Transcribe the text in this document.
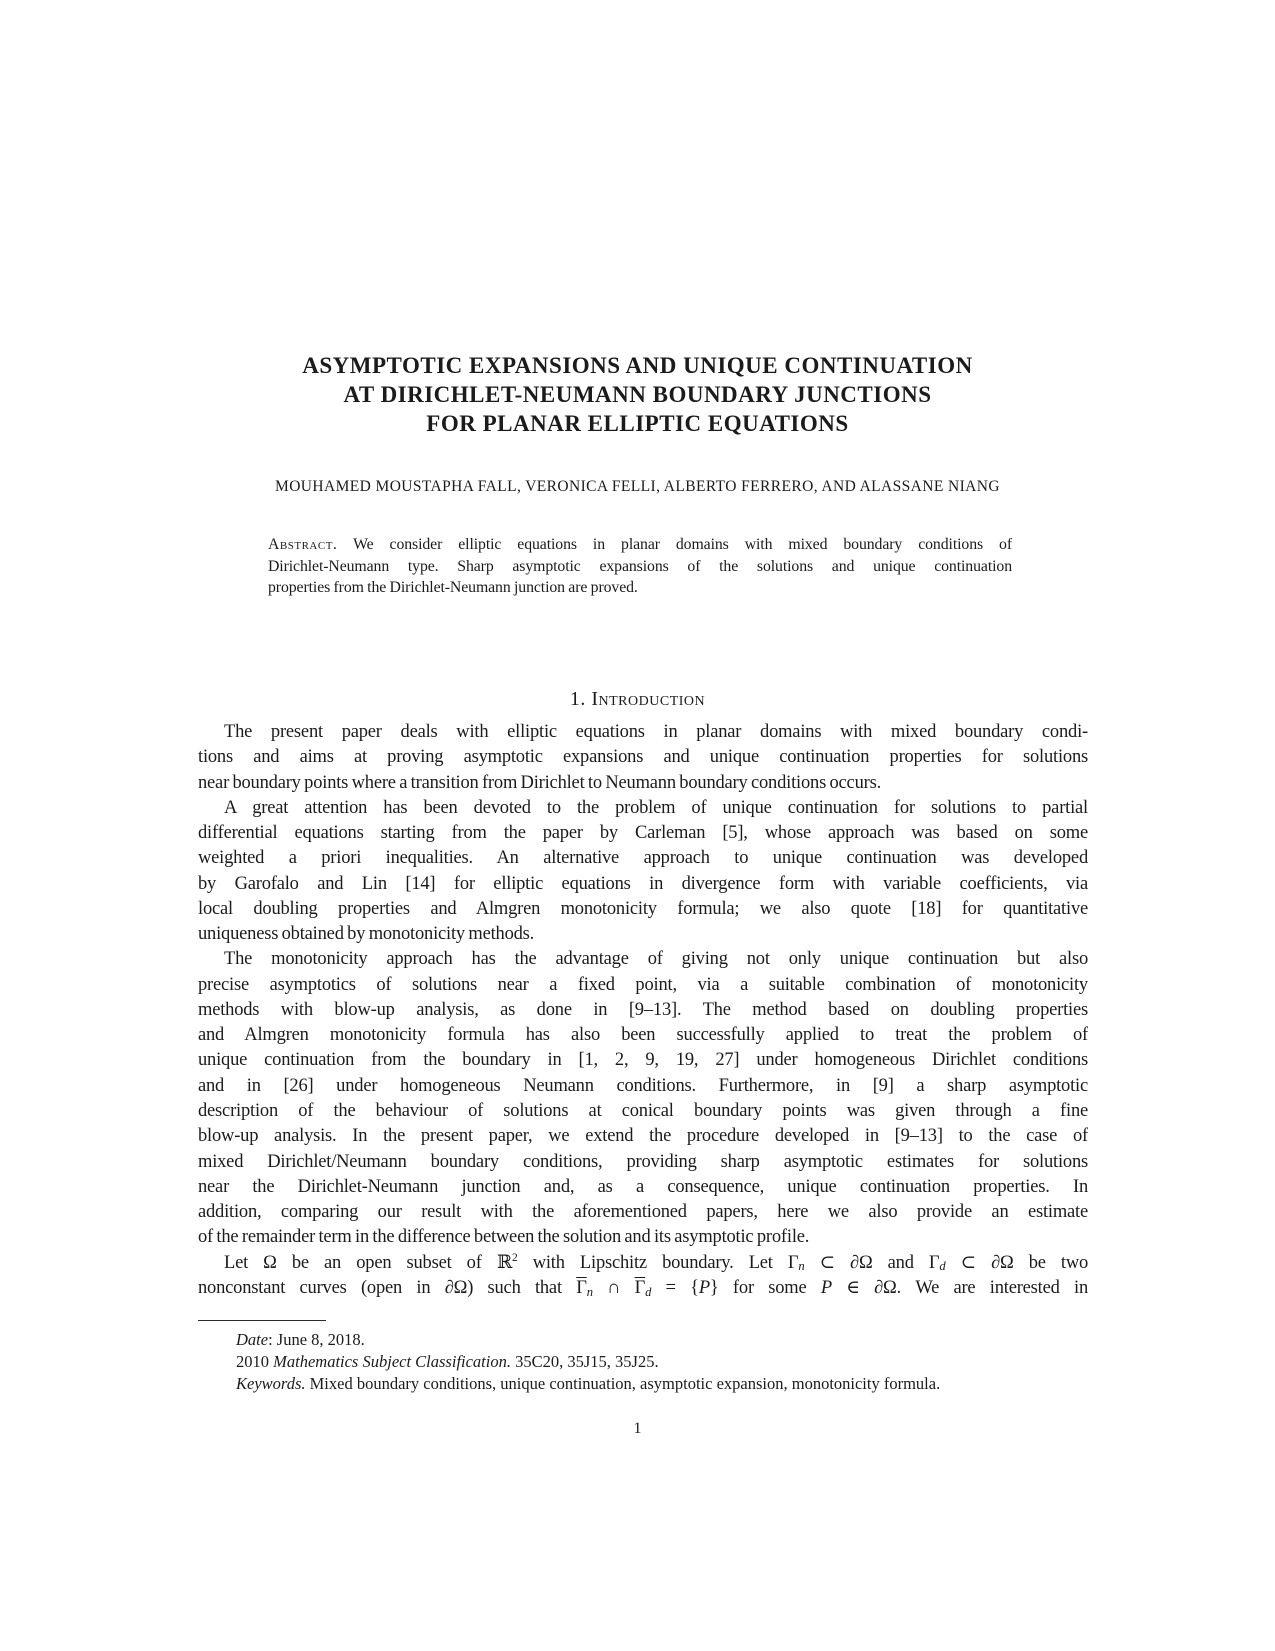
ASYMPTOTIC EXPANSIONS AND UNIQUE CONTINUATION
AT DIRICHLET-NEUMANN BOUNDARY JUNCTIONS
FOR PLANAR ELLIPTIC EQUATIONS
MOUHAMED MOUSTAPHA FALL, VERONICA FELLI, ALBERTO FERRERO, AND ALASSANE NIANG
Abstract. We consider elliptic equations in planar domains with mixed boundary conditions of
Dirichlet-Neumann type. Sharp asymptotic expansions of the solutions and unique continuation
properties from the Dirichlet-Neumann junction are proved.
1. Introduction
The present paper deals with elliptic equations in planar domains with mixed boundary condi-
tions and aims at proving asymptotic expansions and unique continuation properties for solutions
near boundary points where a transition from Dirichlet to Neumann boundary conditions occurs.
A great attention has been devoted to the problem of unique continuation for solutions to partial
differential equations starting from the paper by Carleman [5], whose approach was based on some
weighted a priori inequalities. An alternative approach to unique continuation was developed
by Garofalo and Lin [14] for elliptic equations in divergence form with variable coefficients, via
local doubling properties and Almgren monotonicity formula; we also quote [18] for quantitative
uniqueness obtained by monotonicity methods.
The monotonicity approach has the advantage of giving not only unique continuation but also
precise asymptotics of solutions near a fixed point, via a suitable combination of monotonicity
methods with blow-up analysis, as done in [9–13]. The method based on doubling properties
and Almgren monotonicity formula has also been successfully applied to treat the problem of
unique continuation from the boundary in [1, 2, 9, 19, 27] under homogeneous Dirichlet conditions
and in [26] under homogeneous Neumann conditions. Furthermore, in [9] a sharp asymptotic
description of the behaviour of solutions at conical boundary points was given through a fine
blow-up analysis. In the present paper, we extend the procedure developed in [9–13] to the case of
mixed Dirichlet/Neumann boundary conditions, providing sharp asymptotic estimates for solutions
near the Dirichlet-Neumann junction and, as a consequence, unique continuation properties. In
addition, comparing our result with the aforementioned papers, here we also provide an estimate
of the remainder term in the difference between the solution and its asymptotic profile.
Let Ω be an open subset of ℝ$^2$ with Lipschitz boundary. Let Γn ⊂ ∂Ω and Γd ⊂ ∂Ω be two
nonconstant curves (open in ∂Ω) such that $\overline{\Gamma}n$ ∩ $\overline{\Gamma}d = \{P\}$ for some P ∈ ∂Ω. We are interested in
Date: June 8, 2018.
2010 Mathematics Subject Classification. 35C20, 35J15, 35J25.
Keywords. Mixed boundary conditions, unique continuation, asymptotic expansion, monotonicity formula.
1
